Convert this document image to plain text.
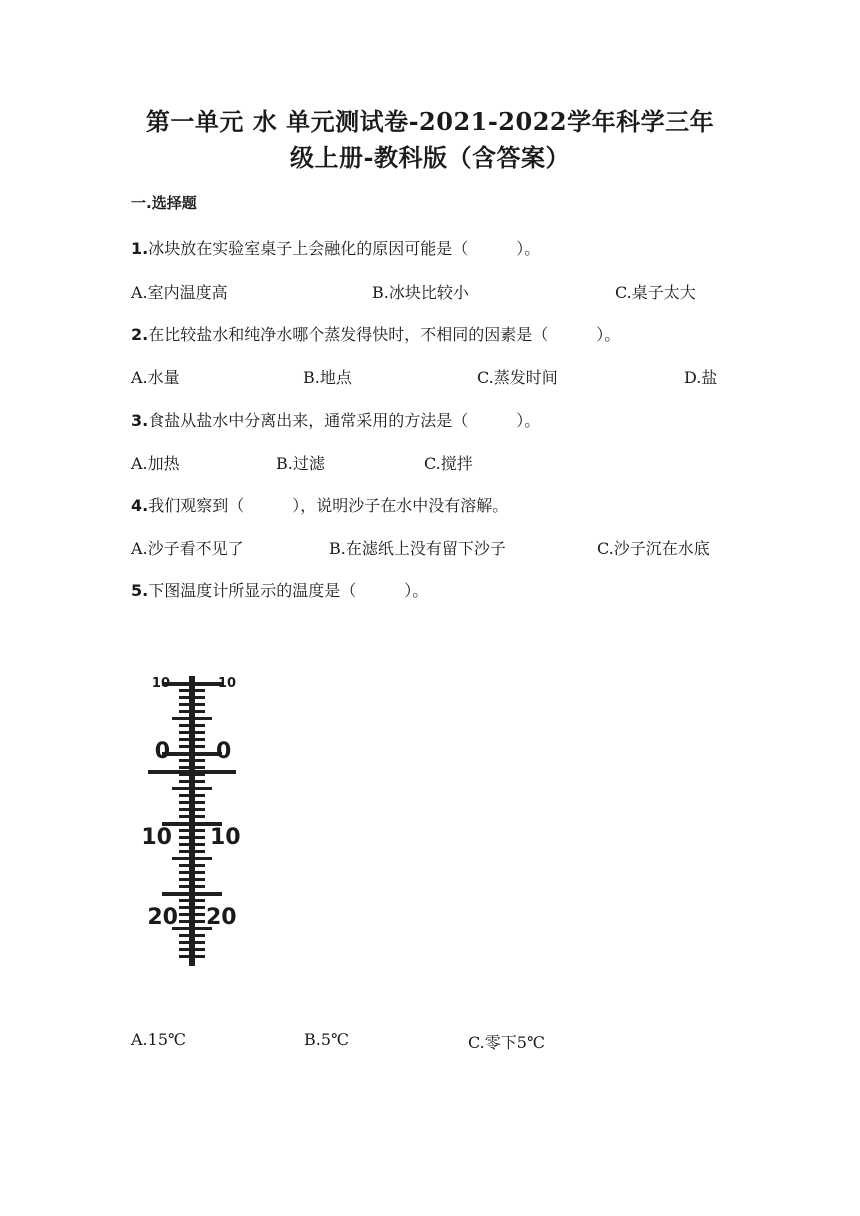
第一单元 水 单元测试卷-2021-2022学年科学三年
级上册-教科版（含答案）
一.选择题
1.冰块放在实验室桌子上会融化的原因可能是（　　　）。
A.室内温度高	B.冰块比较小	C.桌子太大
2.在比较盐水和纯净水哪个蒸发得快时，不相同的因素是（　　　）。
A.水量	B.地点	C.蒸发时间	D.盐
3.食盐从盐水中分离出来，通常采用的方法是（　　　）。
A.加热	B.过滤	C.搅拌
4.我们观察到（　　　），说明沙子在水中没有溶解。
A.沙子看不见了	B.在滤纸上没有留下沙子	C.沙子沉在水底
5.下图温度计所显示的温度是（　　　）。
10	10
0 0
10 10
20 20
A.15℃	B.5℃	C.零下5℃
